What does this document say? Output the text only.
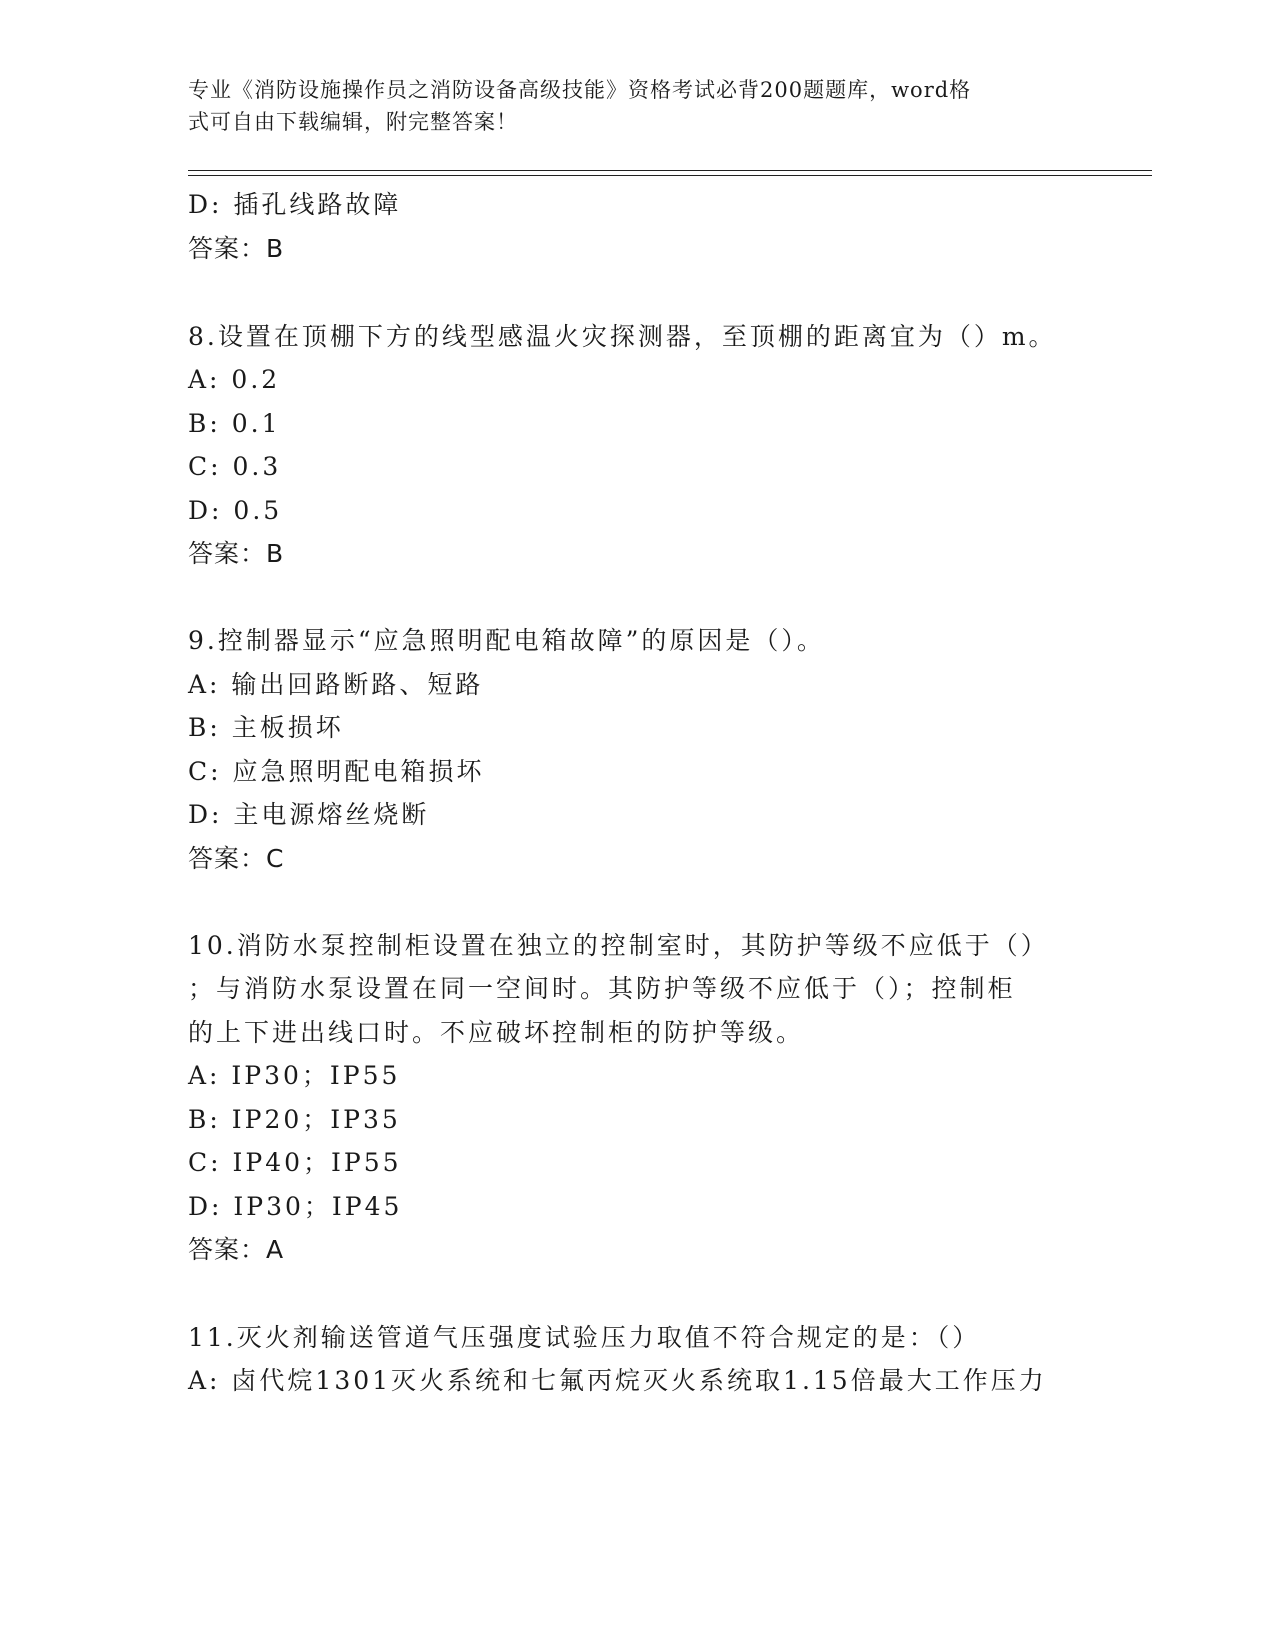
专业《消防设施操作员之消防设备高级技能》资格考试必背200题题库，word格
式可自由下载编辑，附完整答案！
D: 插孔线路故障
答案：B
8.设置在顶棚下方的线型感温火灾探测器，至顶棚的距离宜为（）m。
A: 0.2
B: 0.1
C: 0.3
D: 0.5
答案：B
9.控制器显示“应急照明配电箱故障”的原因是（）。
A: 输出回路断路、短路
B: 主板损坏
C: 应急照明配电箱损坏
D: 主电源熔丝烧断
答案：C
10.消防水泵控制柜设置在独立的控制室时，其防护等级不应低于（）
；与消防水泵设置在同一空间时。其防护等级不应低于（）；控制柜
的上下进出线口时。不应破坏控制柜的防护等级。
A: IP30；IP55
B: IP20；IP35
C: IP40；IP55
D: IP30；IP45
答案：A
11.灭火剂输送管道气压强度试验压力取值不符合规定的是：（）
A: 卤代烷1301灭火系统和七氟丙烷灭火系统取1.15倍最大工作压力
